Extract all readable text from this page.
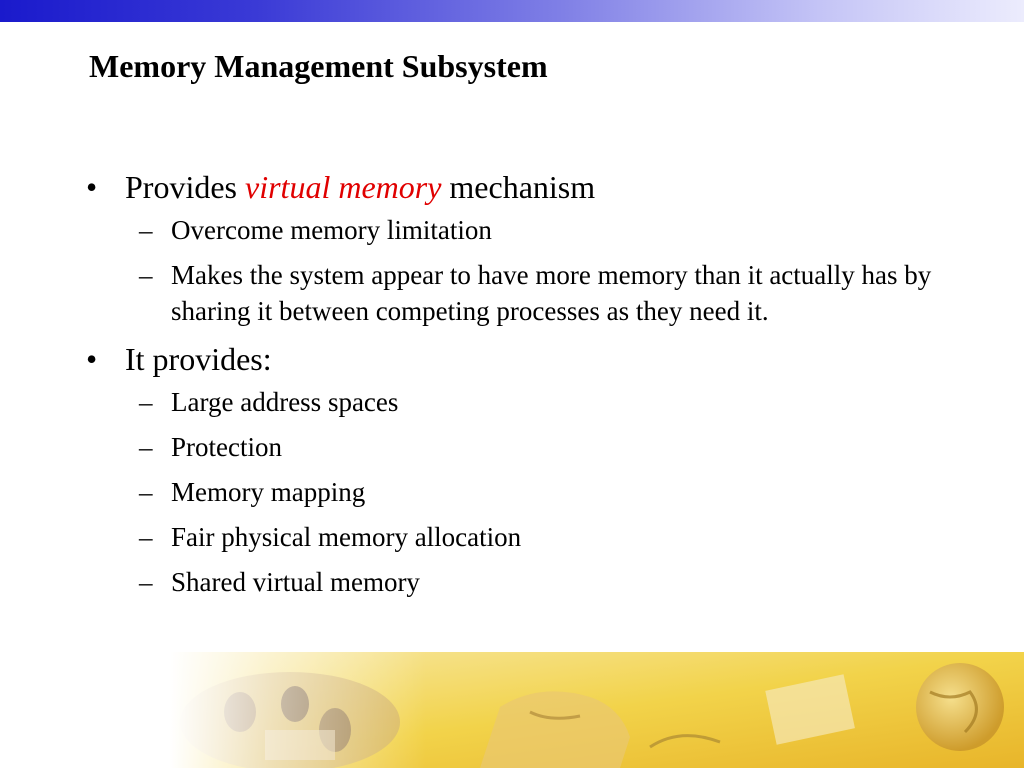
Memory Management Subsystem
• Provides virtual memory mechanism
– Overcome memory limitation
– Makes the system appear to have more memory than it actually has by sharing it between competing processes as they need it.
• It provides:
– Large address spaces
– Protection
– Memory mapping
– Fair physical memory allocation
– Shared virtual memory
